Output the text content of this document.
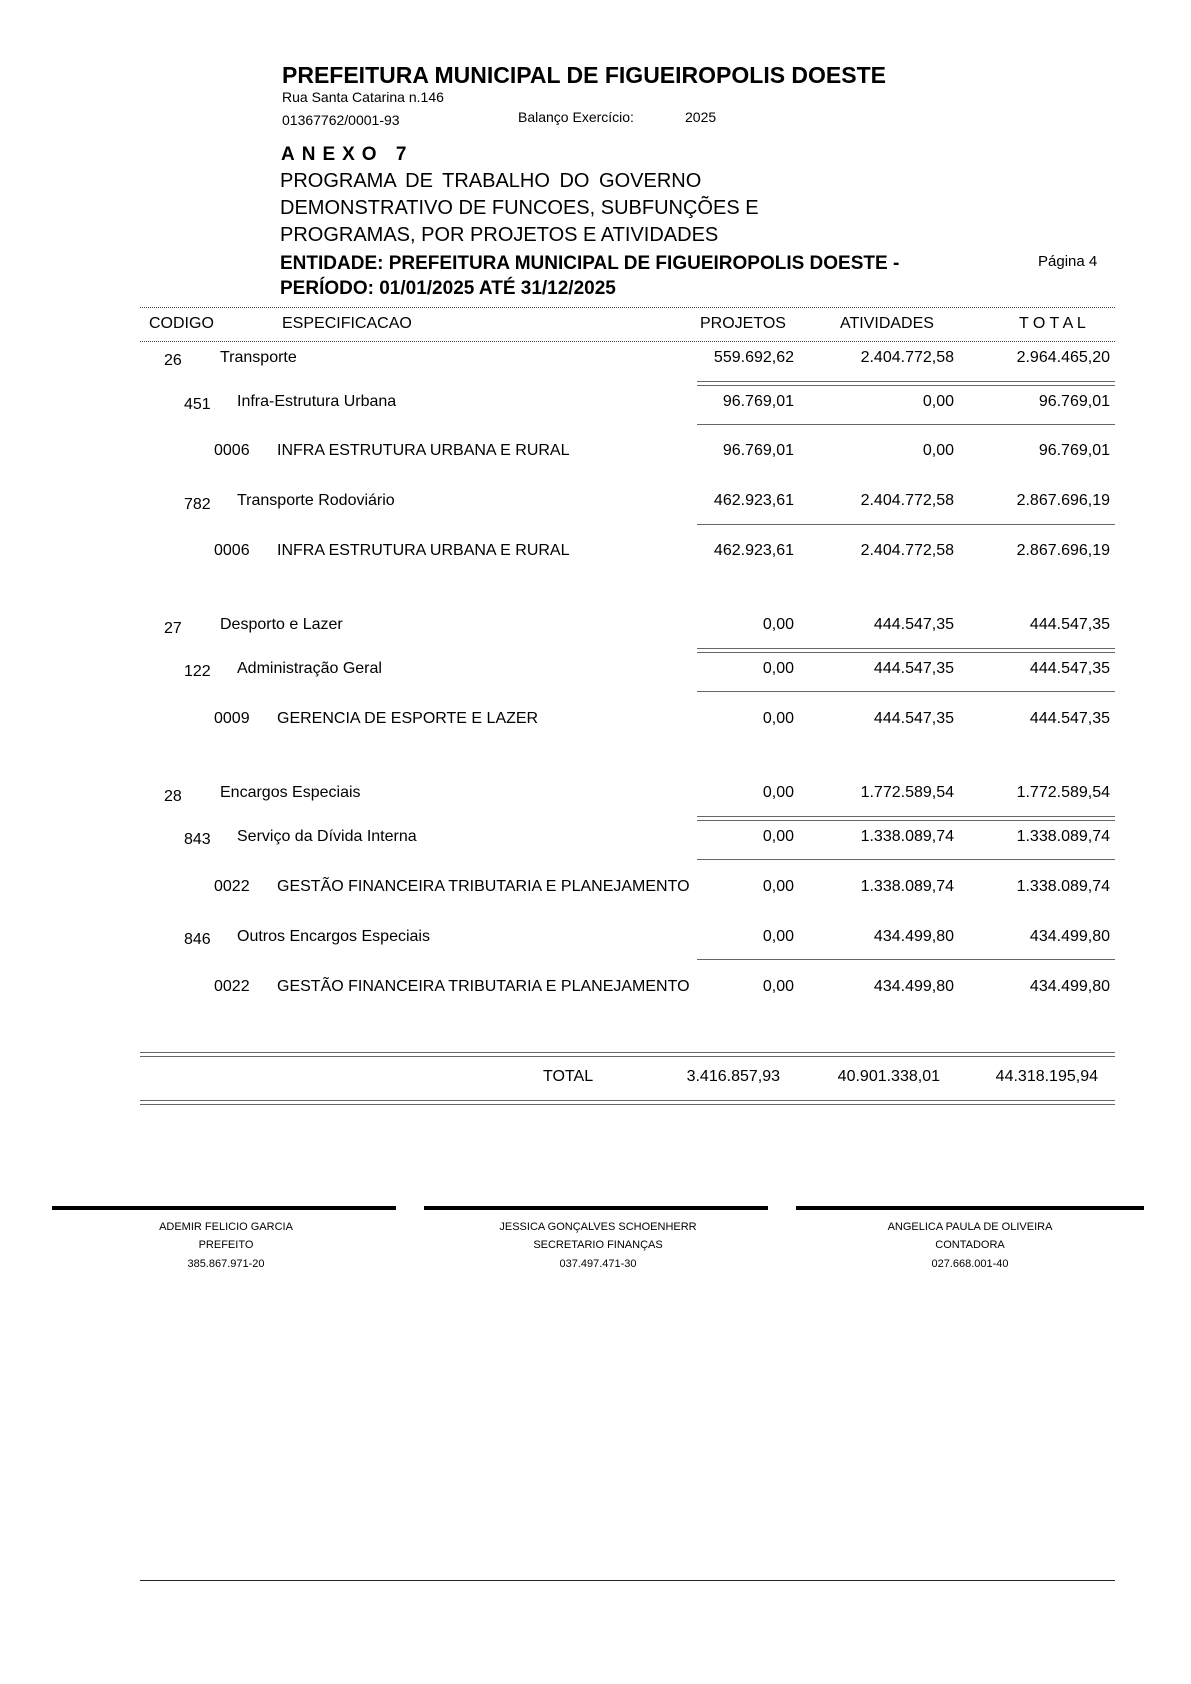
PREFEITURA MUNICIPAL DE FIGUEIROPOLIS DOESTE
Rua Santa Catarina n.146
01367762/0001-93	Balanço Exercício:	2025
ANEXO 7
PROGRAMA DE TRABALHO DO GOVERNO
DEMONSTRATIVO DE FUNCOES, SUBFUNÇÕES E
PROGRAMAS, POR PROJETOS E ATIVIDADES
ENTIDADE: PREFEITURA MUNICIPAL DE FIGUEIROPOLIS DOESTE -
PERÍODO: 01/01/2025 ATÉ 31/12/2025
Página 4
CODIGO	ESPECIFICACAO	PROJETOS	ATIVIDADES	T O T A L
26 Transporte	559.692,62	2.404.772,58	2.964.465,20
451 Infra-Estrutura Urbana	96.769,01	0,00	96.769,01
0006 INFRA ESTRUTURA URBANA E RURAL	96.769,01	0,00	96.769,01
782 Transporte Rodoviário	462.923,61	2.404.772,58	2.867.696,19
0006 INFRA ESTRUTURA URBANA E RURAL	462.923,61	2.404.772,58	2.867.696,19
27 Desporto e Lazer	0,00	444.547,35	444.547,35
122 Administração Geral	0,00	444.547,35	444.547,35
0009 GERENCIA DE ESPORTE E LAZER	0,00	444.547,35	444.547,35
28 Encargos Especiais	0,00	1.772.589,54	1.772.589,54
843 Serviço da Dívida Interna	0,00	1.338.089,74	1.338.089,74
0022 GESTÃO FINANCEIRA TRIBUTARIA E PLANEJAMENTO	0,00	1.338.089,74	1.338.089,74
846 Outros Encargos Especiais	0,00	434.499,80	434.499,80
0022 GESTÃO FINANCEIRA TRIBUTARIA E PLANEJAMENTO	0,00	434.499,80	434.499,80
TOTAL	3.416.857,93	40.901.338,01	44.318.195,94
ADEMIR FELICIO GARCIA
PREFEITO
385.867.971-20
JESSICA GONÇALVES SCHOENHERR
SECRETARIO FINANÇAS
037.497.471-30
ANGELICA PAULA DE OLIVEIRA
CONTADORA
027.668.001-40
